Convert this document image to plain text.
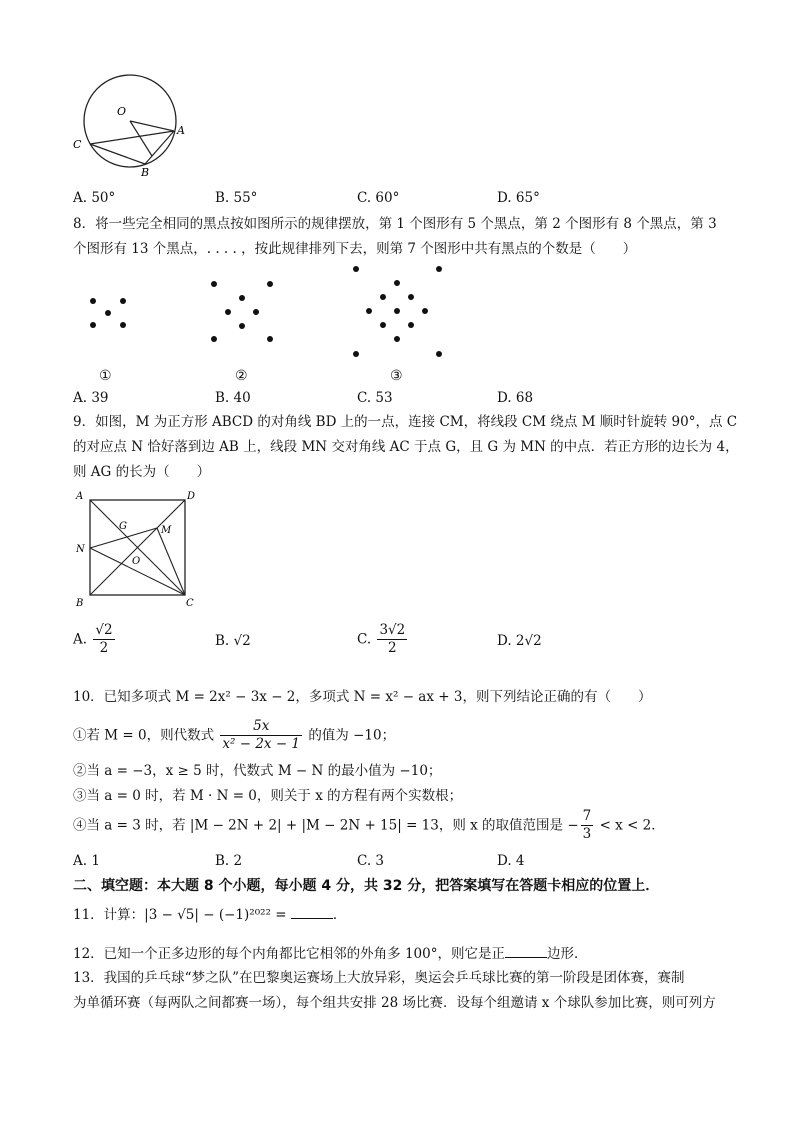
O
A
C
B
A. 50°	B. 55°	C. 60°	D. 65°
8．将一些完全相同的黑点按如图所示的规律摆放，第 1 个图形有 5 个黑点，第 2 个图形有 8 个黑点，第 3
个图形有 13 个黑点，. . . . ，按此规律排列下去，则第 7 个图形中共有黑点的个数是（　　）
①	②	③
A. 39	B. 40	C. 53	D. 68
9．如图，M 为正方形 ABCD 的对角线 BD 上的一点，连接 CM，将线段 CM 绕点 M 顺时针旋转 90°，点 C
的对应点 N 恰好落到边 AB 上，线段 MN 交对角线 AC 于点 G，且 G 为 MN 的中点．若正方形的边长为 4，
则 AG 的长为（　　）
A	D
G	M
N
O
B	C
A. $\frac{√2}{2}$	B. √2	C. $\frac{3√2}{2}$	D. 2√2
10．已知多项式 M = 2x² − 3x − 2，多项式 N = x² − ax + 3，则下列结论正确的有（　　）
①若 M = 0，则代数式 $\frac{5x}{\text{x² − 2x − 1}}$ 的值为 −10；
②当 a = −3，x ≥ 5 时，代数式 M − N 的最小值为 −10；
③当 a = 0 时，若 M · N = 0，则关于 x 的方程有两个实数根；
④当 a = 3 时，若 |M − 2N + 2| + |M − 2N + 15| = 13，则 x 的取值范围是 − $\frac{7}{3} < x < 2$．
A. 1	B. 2	C. 3	D. 4
二、填空题：本大题 8 个小题，每小题 4 分，共 32 分，把答案填写在答题卡相应的位置上．
11．计算：|3 − √5| − (−1)²⁰²² =	．
12．已知一个正多边形的每个内角都比它相邻的外角多 100°，则它是正	边形．
13．我国的乒乓球“梦之队”在巴黎奥运赛场上大放异彩，奥运会乒乓球比赛的第一阶段是团体赛，赛制
为单循环赛（每两队之间都赛一场），每个组共安排 28 场比赛．设每个组邀请 x 个球队参加比赛，则可列方
